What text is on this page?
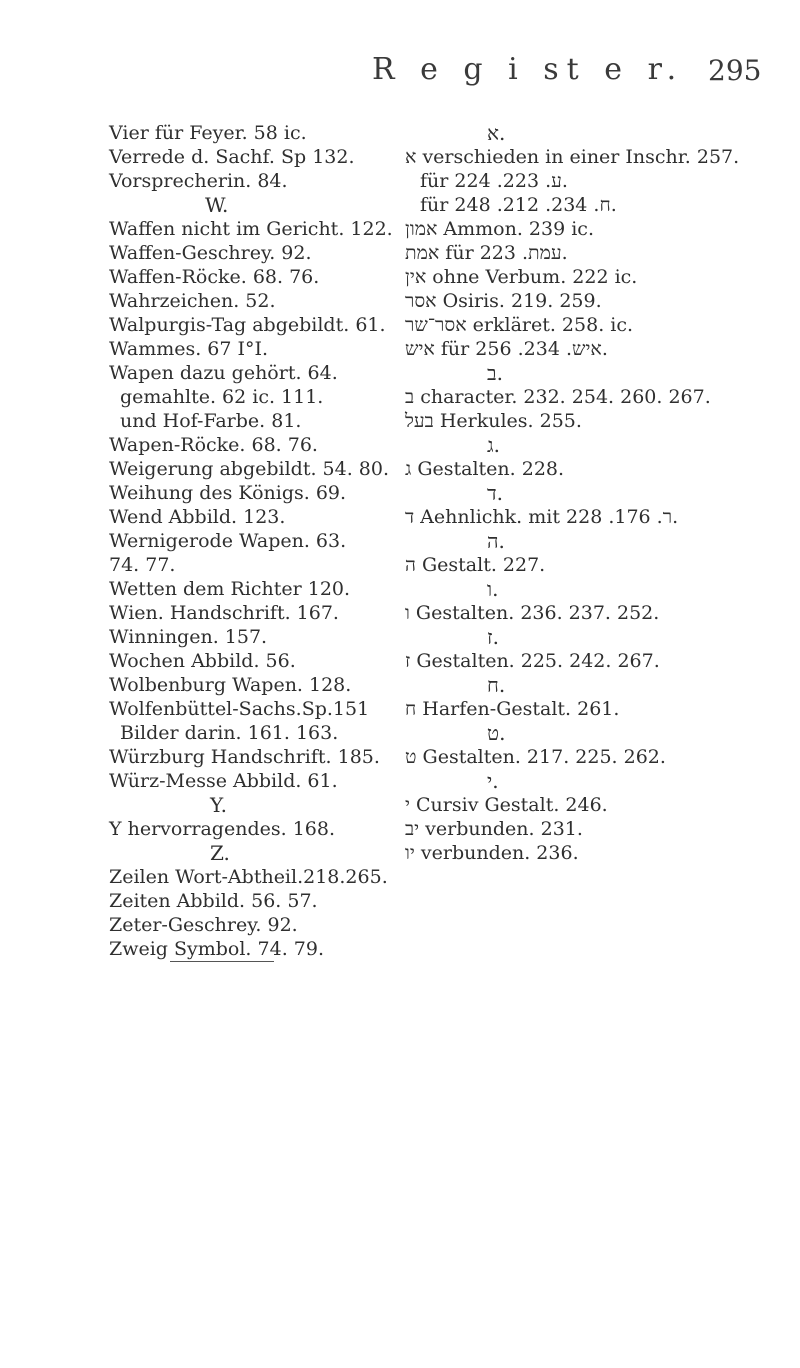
R e g i st e r. 295
Vier für Feyer. 58 ic.
Verrede d. Sachf. Sp 132.
Vorsprecherin. 84.
W.
Waffen nicht im Gericht. 122.
Waffen-Geschrey. 92.
Waffen-Röcke. 68. 76.
Wahrzeichen. 52.
Walpurgis-Tag abgebildt. 61.
Wammes. 67 I°I.
Wapen dazu gehört. 64.
gemahlte. 62 ic. 111.
und Hof-Farbe. 81.
Wapen-Röcke. 68. 76.
Weigerung abgebildt. 54. 80.
Weihung des Königs. 69.
Wend Abbild. 123.
Wernigerode Wapen. 63.
74. 77.
Wetten dem Richter 120.
Wien. Handschrift. 167.
Winningen. 157.
Wochen Abbild. 56.
Wolbenburg Wapen. 128.
Wolfenbüttel-Sachs.Sp.151
Bilder darin. 161. 163.
Würzburg Handschrift. 185.
Würz-Messe Abbild. 61.
Y.
Y hervorragendes. 168.
Z.
Zeilen Wort-Abtheil.218.265.
Zeiten Abbild. 56. 57.
Zeter-Geschrey. 92.
Zweig Symbol. 74. 79.
א.
א verschieden in einer Inschr. 257.
für ע. 223. 224.
für ח. 234. 212. 248.
אמון Ammon. 239 ic.
אמת für עמת. 223.
אין ohne Verbum. 222 ic.
אסר Osiris. 219. 259.
אסר־שר erkläret. 258. ic.
איש für איש. 234. 256.
ב.
ב character. 232. 254. 260. 267.
בעל Herkules. 255.
ג.
ג Gestalten. 228.
ד.
ד Aehnlichk. mit ר. 176. 228.
ה.
ה Gestalt. 227.
ו.
ו Gestalten. 236. 237. 252.
ז.
ז Gestalten. 225. 242. 267.
ח.
ח Harfen-Gestalt. 261.
ט.
ט Gestalten. 217. 225. 262.
י.
י Cursiv Gestalt. 246.
יב verbunden. 231.
יו verbunden. 236.
